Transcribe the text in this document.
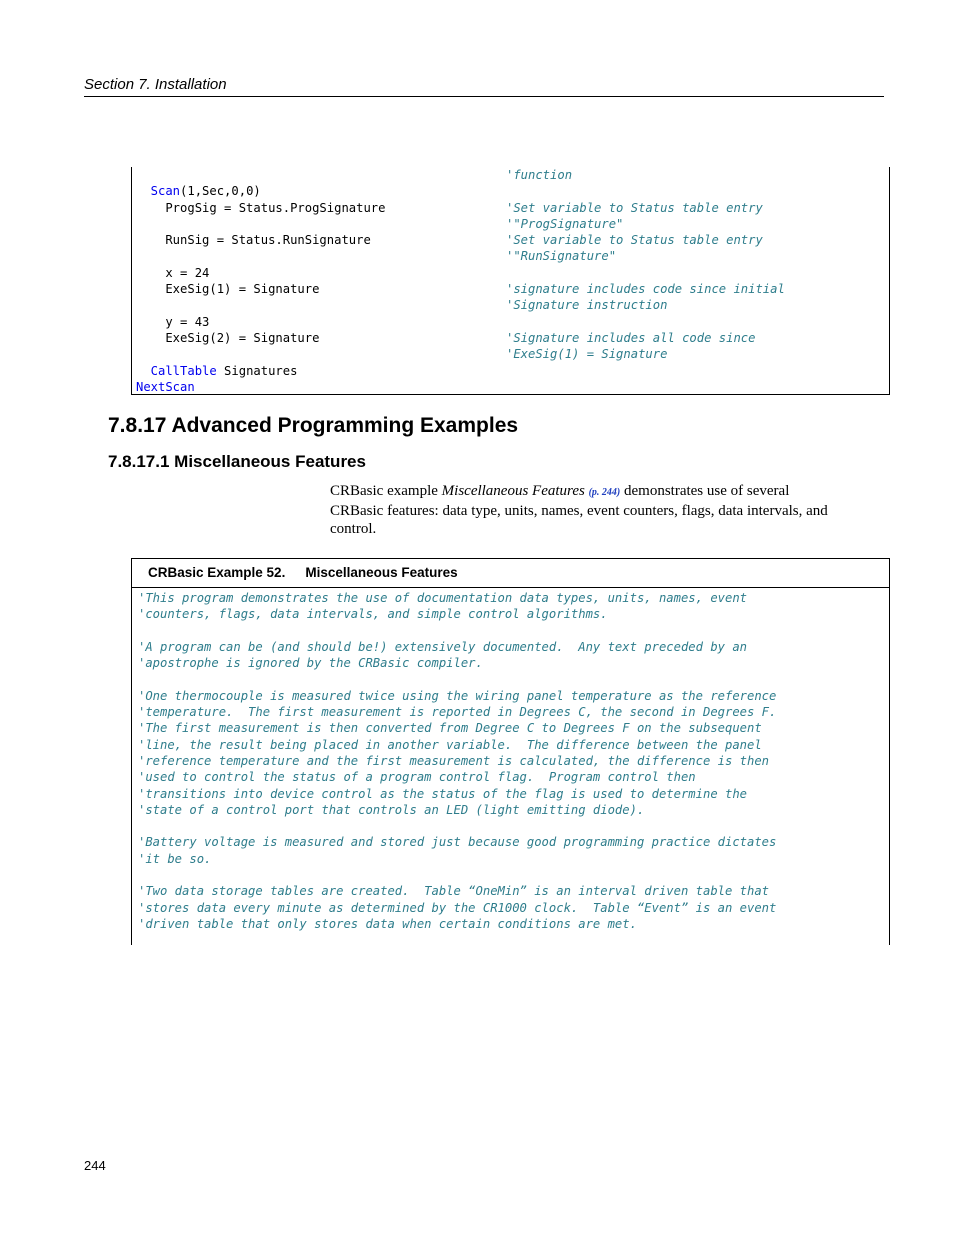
Section 7. Installation
Scan(1,Sec,0,0)
ProgSig = Status.ProgSignature
RunSig = Status.RunSignature
x = 24
ExeSig(1) = Signature
y = 43
ExeSig(2) = Signature
CallTable Signatures
NextScan
'function
'Set variable to Status table entry
'"ProgSignature"
'Set variable to Status table entry
'"RunSignature"
'signature includes code since initial
'Signature instruction
'Signature includes all code since
'ExeSig(1) = Signature
7.8.17 Advanced Programming Examples
7.8.17.1 Miscellaneous Features
CRBasic example Miscellaneous Features (p. 244) demonstrates use of several CRBasic features: data type, units, names, event counters, flags, data intervals, and control.
CRBasic Example 52. Miscellaneous Features
'This program demonstrates the use of documentation data types, units, names, event
'counters, flags, data intervals, and simple control algorithms.
'A program can be (and should be!) extensively documented.  Any text preceded by an
'apostrophe is ignored by the CRBasic compiler.
'One thermocouple is measured twice using the wiring panel temperature as the reference
'temperature.  The first measurement is reported in Degrees C, the second in Degrees F.
'The first measurement is then converted from Degree C to Degrees F on the subsequent
'line, the result being placed in another variable.  The difference between the panel
'reference temperature and the first measurement is calculated, the difference is then
'used to control the status of a program control flag.  Program control then
'transitions into device control as the status of the flag is used to determine the
'state of a control port that controls an LED (light emitting diode).
'Battery voltage is measured and stored just because good programming practice dictates
'it be so.
'Two data storage tables are created.  Table “OneMin” is an interval driven table that
'stores data every minute as determined by the CR1000 clock.  Table “Event” is an event
'driven table that only stores data when certain conditions are met.
244
